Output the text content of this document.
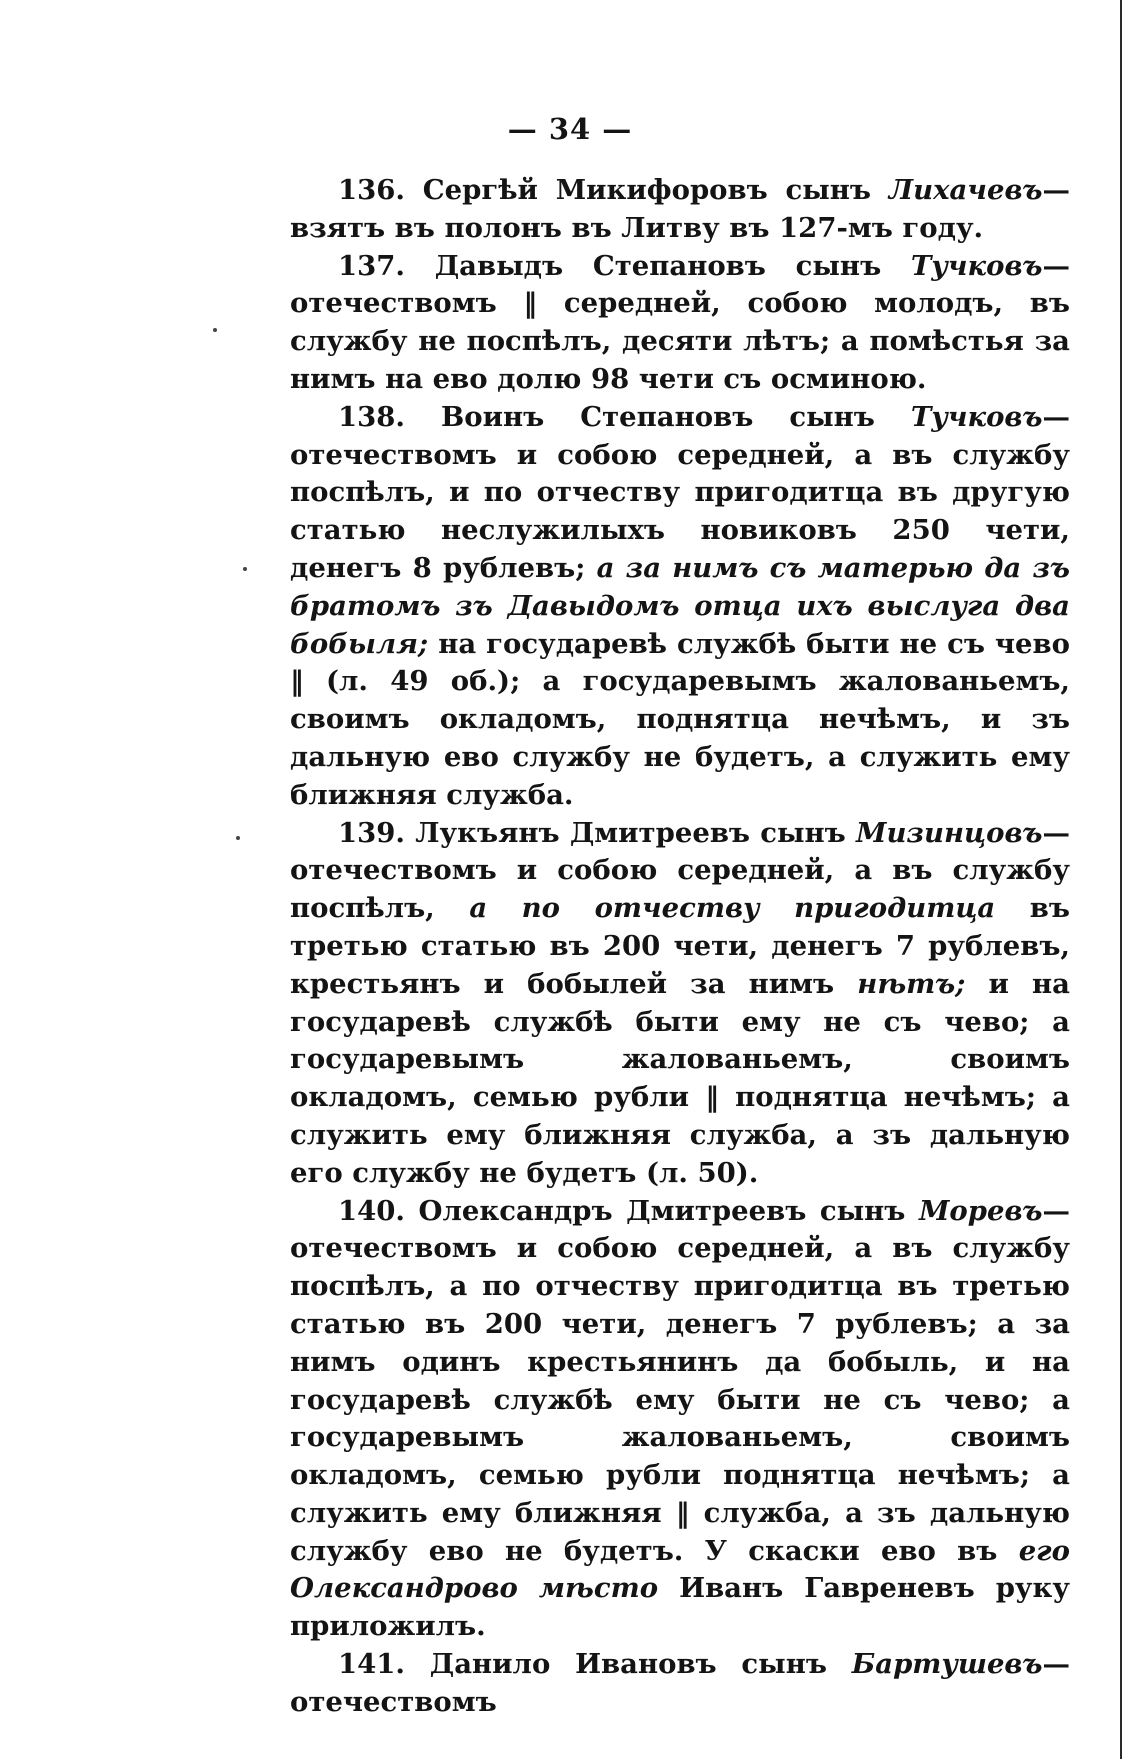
— 34 —

136. Сергѣй Микифоровъ сынъ Лихачевъ—взятъ въ полонъ въ Литву въ 127-мъ году.

137. Давыдъ Степановъ сынъ Тучковъ—отечествомъ ‖ середней, собою молодъ, въ службу не поспѣлъ, десяти лѣтъ; а помѣстья за нимъ на ево долю 98 чети съ осминою.

138. Воинъ Степановъ сынъ Тучковъ—отечествомъ и собою середней, а въ службу поспѣлъ, и по отчеству пригодитца въ другую статью неслужилыхъ новиковъ 250 чети, денегъ 8 рублевъ; а за нимъ съ матерью да зъ братомъ зъ Давыдомъ отца ихъ выслуга два бобыля; на государевѣ службѣ быти не съ чево ‖ (л. 49 об.); а государевымъ жалованьемъ, своимъ окладомъ, поднятца нечѣмъ, и зъ дальную ево службу не будетъ, а служить ему ближняя служба.

139. Лукъянъ Дмитреевъ сынъ Мизинцовъ—отечествомъ и собою середней, а въ службу поспѣлъ, а по отчеству пригодитца въ третью статью въ 200 чети, денегъ 7 рублевъ, крестьянъ и бобылей за нимъ нѣтъ; и на государевѣ службѣ быти ему не съ чево; а государевымъ жалованьемъ, своимъ окладомъ, семью рубли ‖ поднятца нечѣмъ; а служить ему ближняя служба, а зъ дальную его службу не будетъ (л. 50).

140. Олександръ Дмитреевъ сынъ Моревъ—отечествомъ и собою середней, а въ службу поспѣлъ, а по отчеству пригодитца въ третью статью въ 200 чети, денегъ 7 рублевъ; а за нимъ одинъ крестьянинъ да бобыль, и на государевѣ службѣ ему быти не съ чево; а государевымъ жалованьемъ, своимъ окладомъ, семью рубли поднятца нечѣмъ; а служить ему ближняя ‖ служба, а зъ дальную службу ево не будетъ. У скаски ево въ его Олександрово мѣсто Иванъ Гавреневъ руку приложилъ.

141. Данило Ивановъ сынъ Бартушевъ—отечествомъ
